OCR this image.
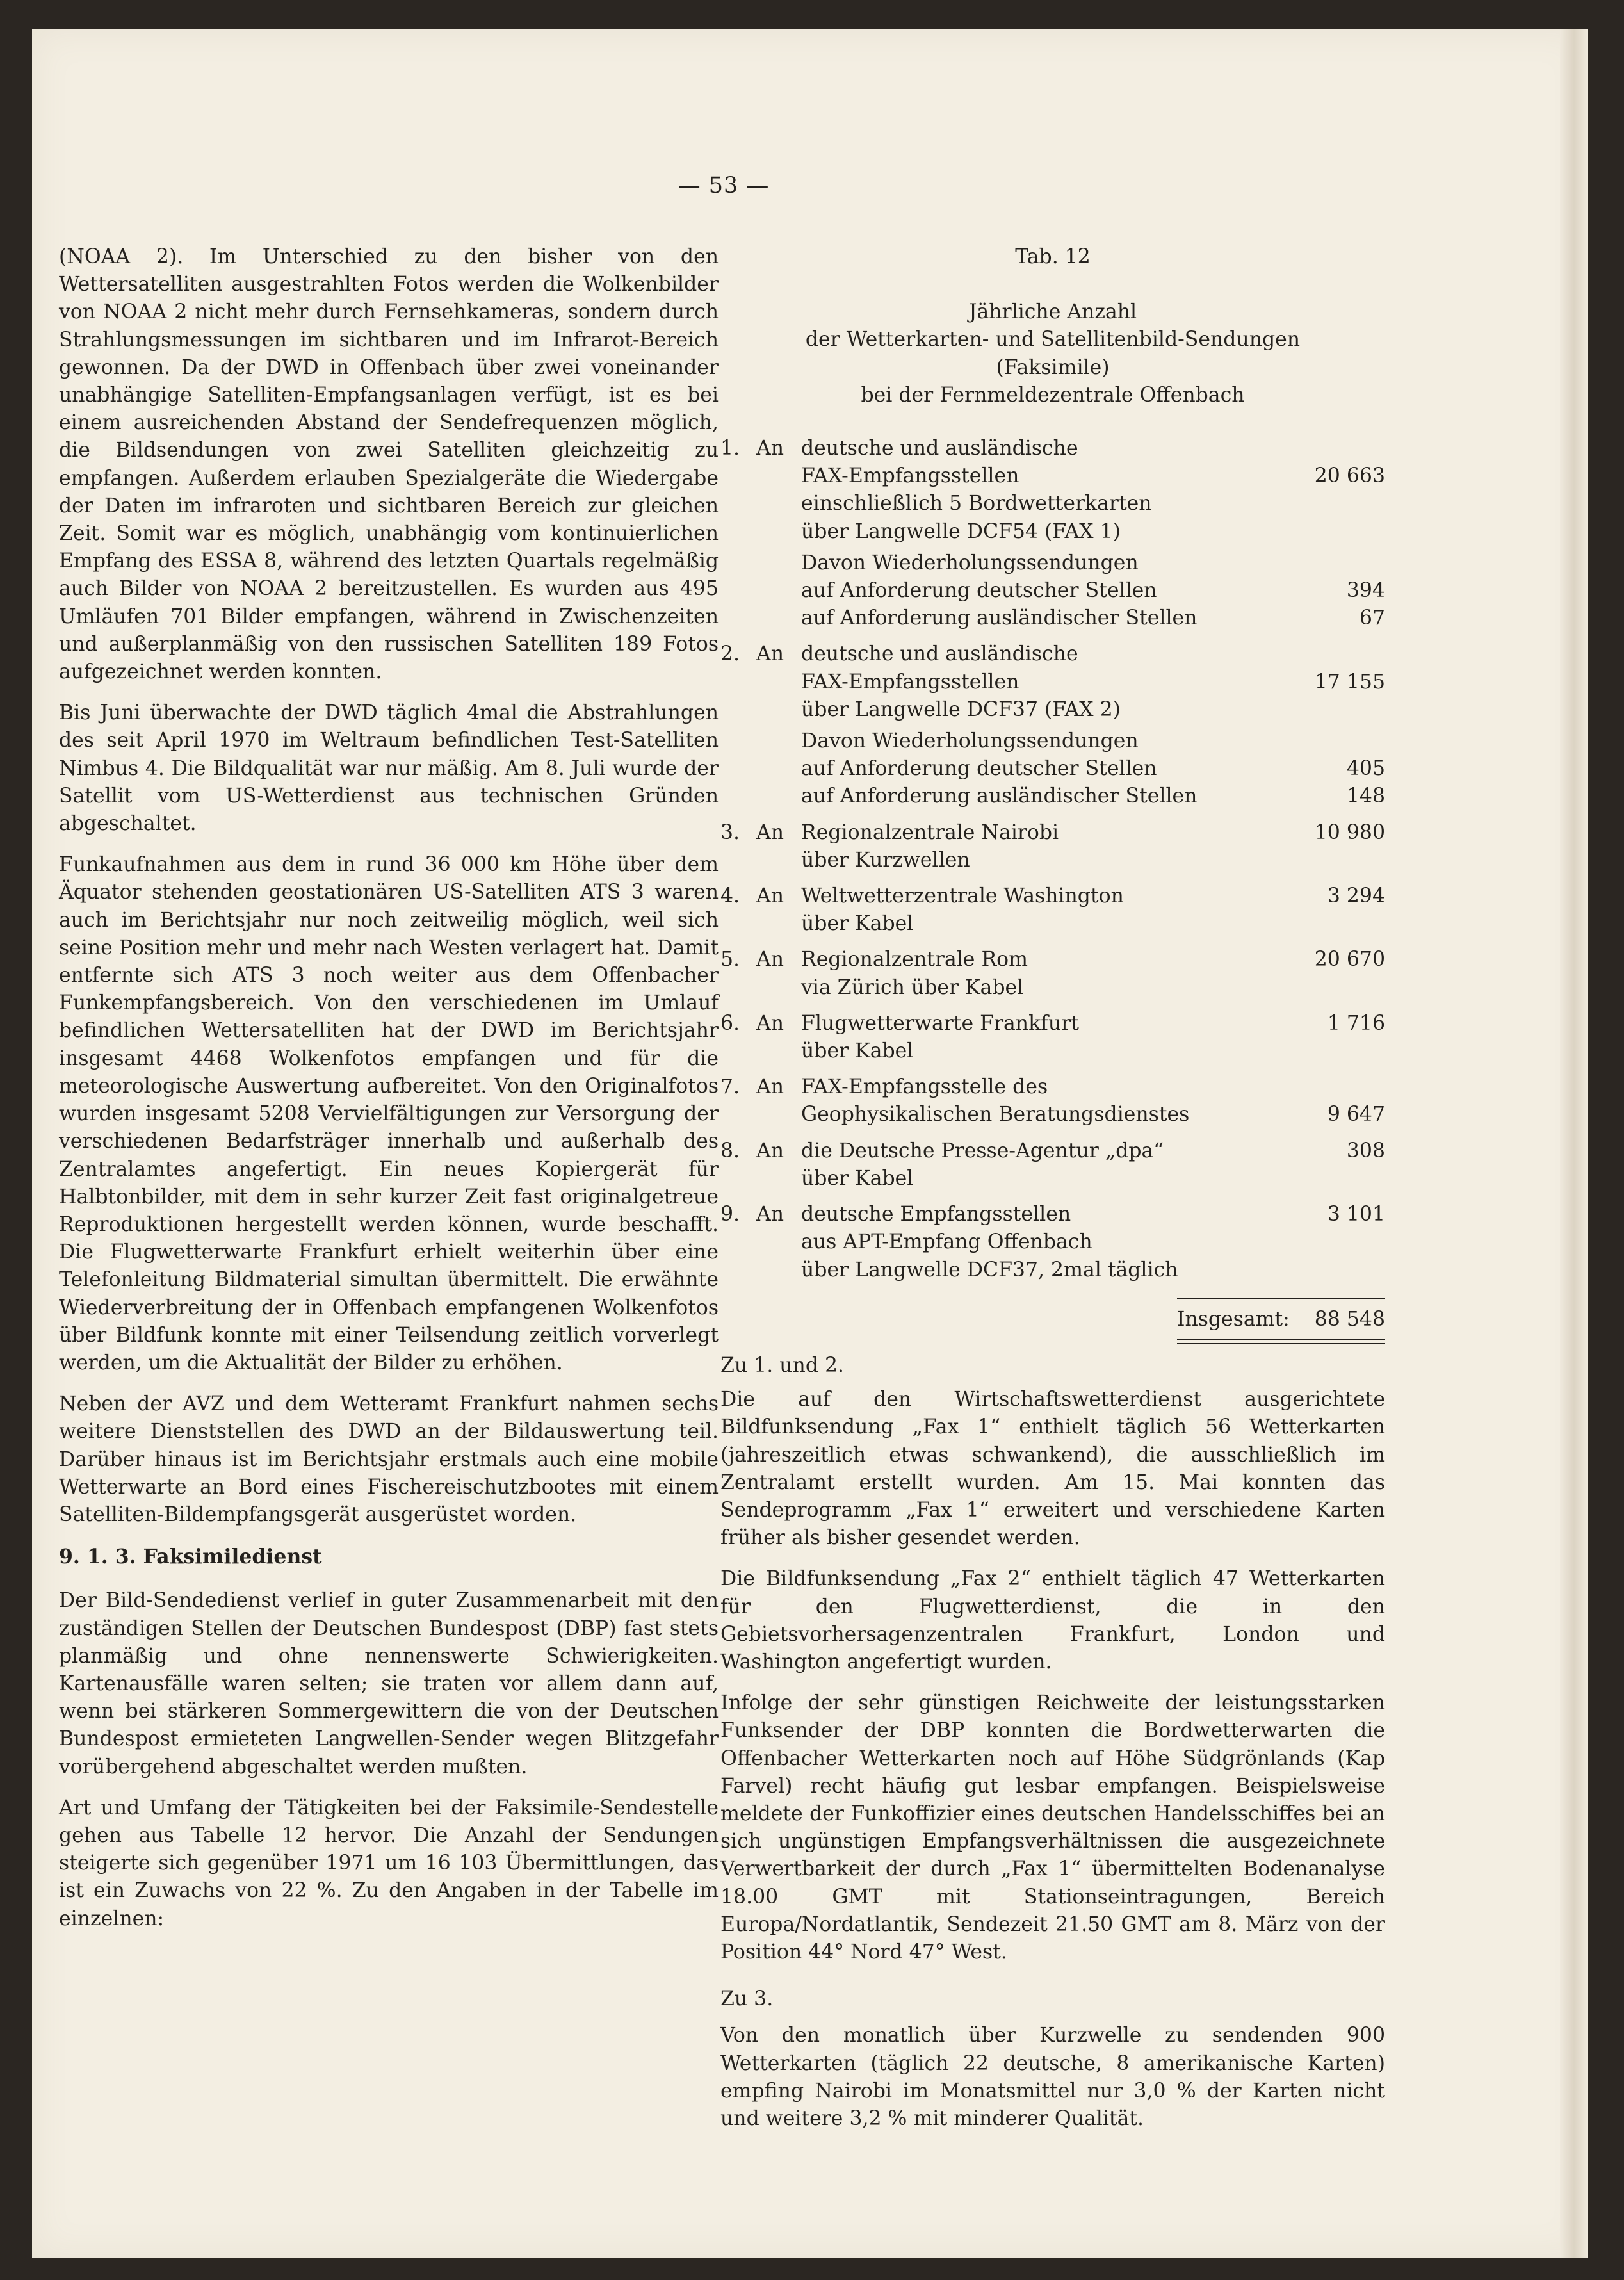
— 53 —

(NOAA 2). Im Unterschied zu den bisher von den Wettersatelliten ausgestrahlten Fotos werden die Wolkenbilder von NOAA 2 nicht mehr durch Fernsehkameras, sondern durch Strahlungsmessungen im sichtbaren und im Infrarot-Bereich gewonnen. Da der DWD in Offenbach über zwei voneinander unabhängige Satelliten-Empfangsanlagen verfügt, ist es bei einem ausreichenden Abstand der Sendefrequenzen möglich, die Bildsendungen von zwei Satelliten gleichzeitig zu empfangen. Außerdem erlauben Spezialgeräte die Wiedergabe der Daten im infraroten und sichtbaren Bereich zur gleichen Zeit. Somit war es möglich, unabhängig vom kontinuierlichen Empfang des ESSA 8, während des letzten Quartals regelmäßig auch Bilder von NOAA 2 bereitzustellen. Es wurden aus 495 Umläufen 701 Bilder empfangen, während in Zwischenzeiten und außerplanmäßig von den russischen Satelliten 189 Fotos aufgezeichnet werden konnten.

Bis Juni überwachte der DWD täglich 4mal die Abstrahlungen des seit April 1970 im Weltraum befindlichen Test-Satelliten Nimbus 4. Die Bildqualität war nur mäßig. Am 8. Juli wurde der Satellit vom US-Wetterdienst aus technischen Gründen abgeschaltet.

Funkaufnahmen aus dem in rund 36 000 km Höhe über dem Äquator stehenden geostationären US-Satelliten ATS 3 waren auch im Berichtsjahr nur noch zeitweilig möglich, weil sich seine Position mehr und mehr nach Westen verlagert hat. Damit entfernte sich ATS 3 noch weiter aus dem Offenbacher Funkempfangsbereich. Von den verschiedenen im Umlauf befindlichen Wettersatelliten hat der DWD im Berichtsjahr insgesamt 4468 Wolkenfotos empfangen und für die meteorologische Auswertung aufbereitet. Von den Originalfotos wurden insgesamt 5208 Vervielfältigungen zur Versorgung der verschiedenen Bedarfsträger innerhalb und außerhalb des Zentralamtes angefertigt. Ein neues Kopiergerät für Halbtonbilder, mit dem in sehr kurzer Zeit fast originalgetreue Reproduktionen hergestellt werden können, wurde beschafft. Die Flugwetterwarte Frankfurt erhielt weiterhin über eine Telefonleitung Bildmaterial simultan übermittelt. Die erwähnte Wiederverbreitung der in Offenbach empfangenen Wolkenfotos über Bildfunk konnte mit einer Teilsendung zeitlich vorverlegt werden, um die Aktualität der Bilder zu erhöhen.

Neben der AVZ und dem Wetteramt Frankfurt nahmen sechs weitere Dienststellen des DWD an der Bildauswertung teil. Darüber hinaus ist im Berichtsjahr erstmals auch eine mobile Wetterwarte an Bord eines Fischereischutzbootes mit einem Satelliten-Bildempfangsgerät ausgerüstet worden.

9. 1. 3. Faksimiledienst

Der Bild-Sendedienst verlief in guter Zusammenarbeit mit den zuständigen Stellen der Deutschen Bundespost (DBP) fast stets planmäßig und ohne nennenswerte Schwierigkeiten. Kartenausfälle waren selten; sie traten vor allem dann auf, wenn bei stärkeren Sommergewittern die von der Deutschen Bundespost ermieteten Langwellen-Sender wegen Blitzgefahr vorübergehend abgeschaltet werden mußten.

Art und Umfang der Tätigkeiten bei der Faksimile-Sendestelle gehen aus Tabelle 12 hervor. Die Anzahl der Sendungen steigerte sich gegenüber 1971 um 16 103 Übermittlungen, das ist ein Zuwachs von 22 %. Zu den Angaben in der Tabelle im einzelnen:

Tab. 12
Jährliche Anzahl
der Wetterkarten- und Satellitenbild-Sendungen
(Faksimile)
bei der Fernmeldezentrale Offenbach
1. An deutsche und ausländische
FAX-Empfangsstellen	20 663
einschließlich 5 Bordwetterkarten
über Langwelle DCF54 (FAX 1)
Davon Wiederholungssendungen
auf Anforderung deutscher Stellen	394
auf Anforderung ausländischer Stellen	67
2. An deutsche und ausländische
FAX-Empfangsstellen	17 155
über Langwelle DCF37 (FAX 2)
Davon Wiederholungssendungen
auf Anforderung deutscher Stellen	405
auf Anforderung ausländischer Stellen	148
3. An Regionalzentrale Nairobi	10 980
über Kurzwellen
4. An Weltwetterzentrale Washington	3 294
über Kabel
5. An Regionalzentrale Rom	20 670
via Zürich über Kabel
6. An Flugwetterwarte Frankfurt	1 716
über Kabel
7. An FAX-Empfangsstelle des
Geophysikalischen Beratungsdienstes	9 647
8. An die Deutsche Presse-Agentur „dpa“	308
über Kabel
9. An deutsche Empfangsstellen	3 101
aus APT-Empfang Offenbach
über Langwelle DCF37, 2mal täglich
Insgesamt: 88 548
Zu 1. und 2.

Die auf den Wirtschaftswetterdienst ausgerichtete Bildfunksendung „Fax 1“ enthielt täglich 56 Wetterkarten (jahreszeitlich etwas schwankend), die ausschließlich im Zentralamt erstellt wurden. Am 15. Mai konnten das Sendeprogramm „Fax 1“ erweitert und verschiedene Karten früher als bisher gesendet werden.

Die Bildfunksendung „Fax 2“ enthielt täglich 47 Wetterkarten für den Flugwetterdienst, die in den Gebietsvorhersagenzentralen Frankfurt, London und Washington angefertigt wurden.

Infolge der sehr günstigen Reichweite der leistungsstarken Funksender der DBP konnten die Bordwetterwarten die Offenbacher Wetterkarten noch auf Höhe Südgrönlands (Kap Farvel) recht häufig gut lesbar empfangen. Beispielsweise meldete der Funkoffizier eines deutschen Handelsschiffes bei an sich ungünstigen Empfangsverhältnissen die ausgezeichnete Verwertbarkeit der durch „Fax 1“ übermittelten Bodenanalyse 18.00 GMT mit Stationseintragungen, Bereich Europa/Nordatlantik, Sendezeit 21.50 GMT am 8. März von der Position 44° Nord 47° West.

Zu 3.

Von den monatlich über Kurzwelle zu sendenden 900 Wetterkarten (täglich 22 deutsche, 8 amerikanische Karten) empfing Nairobi im Monatsmittel nur 3,0 % der Karten nicht und weitere 3,2 % mit minderer Qualität.
